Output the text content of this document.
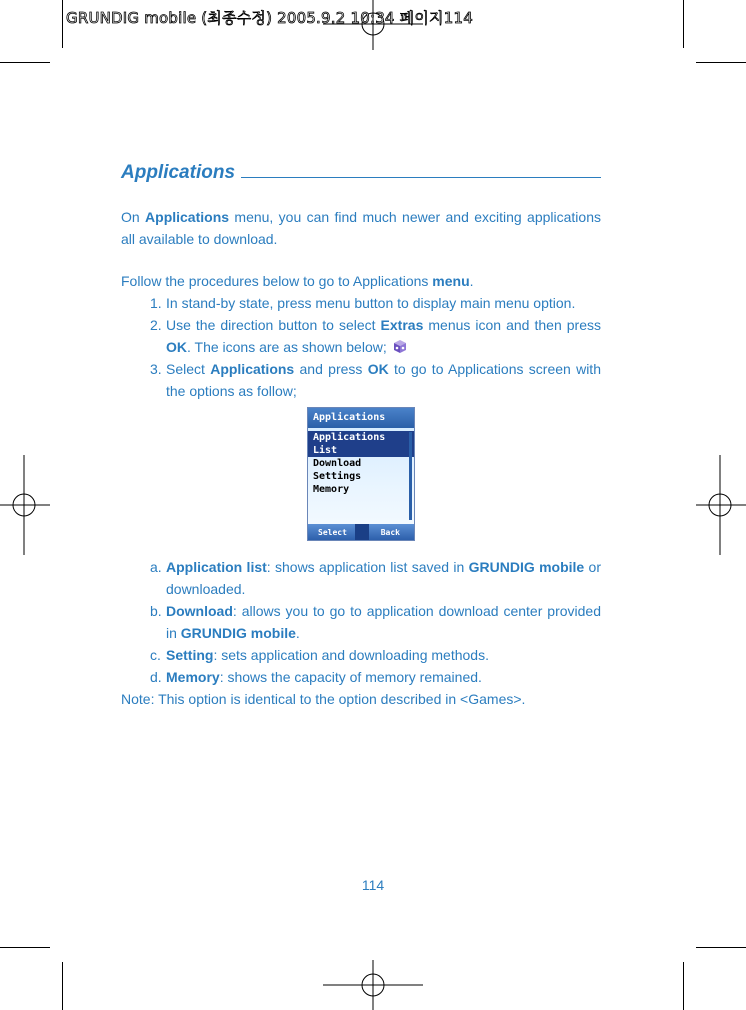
GRUNDIG mobile (최종수정) 2005.9.2 10:34 페이지114
Applications

On Applications menu, you can find much newer and exciting applications all available to download.

Follow the procedures below to go to Applications menu.

1. In stand-by state, press menu button to display main menu option.
2. Use the direction button to select Extras menus icon and then press OK. The icons are as shown below;
3. Select Applications and press OK to go to Applications screen with the options as follow;
Applications
Applications List
Download
Settings
Memory
Select	Back
a. Application list: shows application list saved in GRUNDIG mobile or downloaded.
b. Download: allows you to go to application download center provided in GRUNDIG mobile.
c. Setting: sets application and downloading methods.
d. Memory: shows the capacity of memory remained.

Note: This option is identical to the option described in <Games>.

114
